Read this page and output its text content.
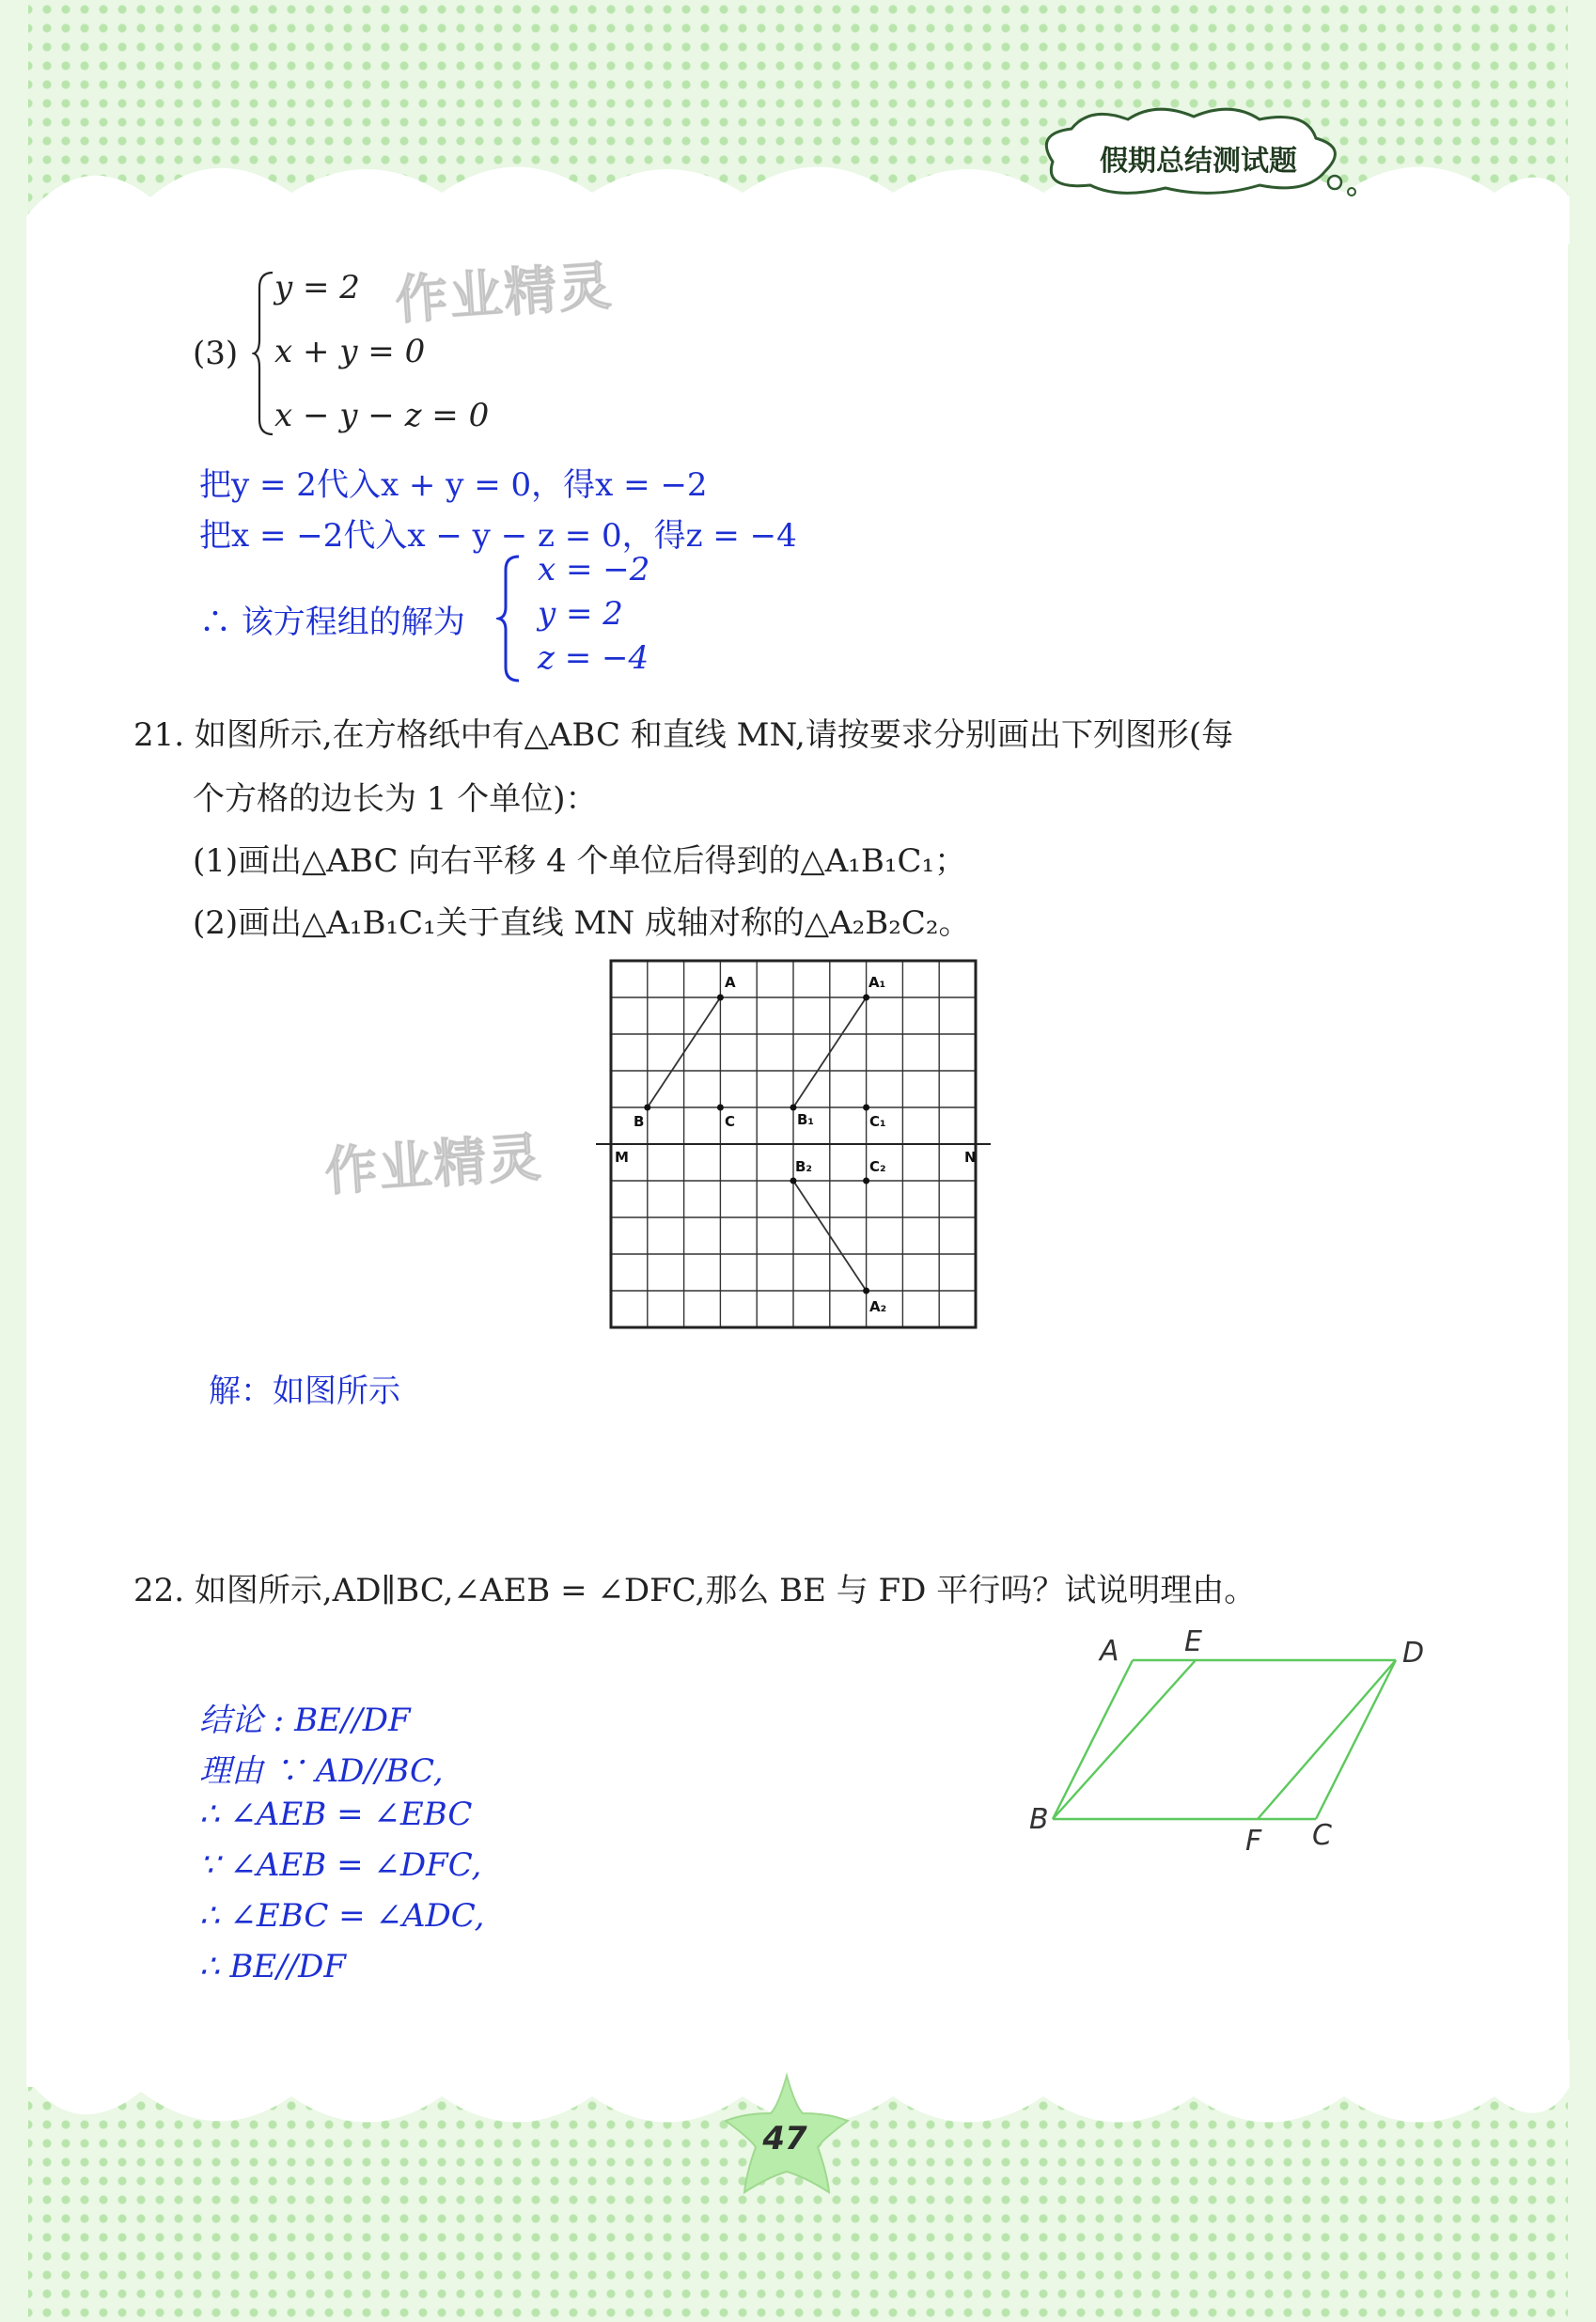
假期总结测试题
作业精灵
作业精灵
(3)
y = 2
x + y = 0
x − y − z = 0
把y = 2代入x + y = 0，得x = −2
把x = −2代入x − y − z = 0，得z = −4
∴ 该方程组的解为
x = −2
y = 2
z = −4
21. 如图所示,在方格纸中有△ABC 和直线 MN,请按要求分别画出下列图形(每
个方格的边长为 1 个单位)：
(1)画出△ABC 向右平移 4 个单位后得到的△A₁B₁C₁；
(2)画出△A₁B₁C₁关于直线 MN 成轴对称的△A₂B₂C₂。
A
B	C
A₁
B₁	C₁
B₂	C₂
A₂
M	N
解：如图所示
22. 如图所示,AD∥BC,∠AEB = ∠DFC,那么 BE 与 FD 平行吗？试说明理由。
A E	D
B
F C
结论 : BE//DF
理由 ∵ AD//BC,
∴ ∠AEB = ∠EBC
∵ ∠AEB = ∠DFC,
∴ ∠EBC = ∠ADC,
∴ BE//DF
47
